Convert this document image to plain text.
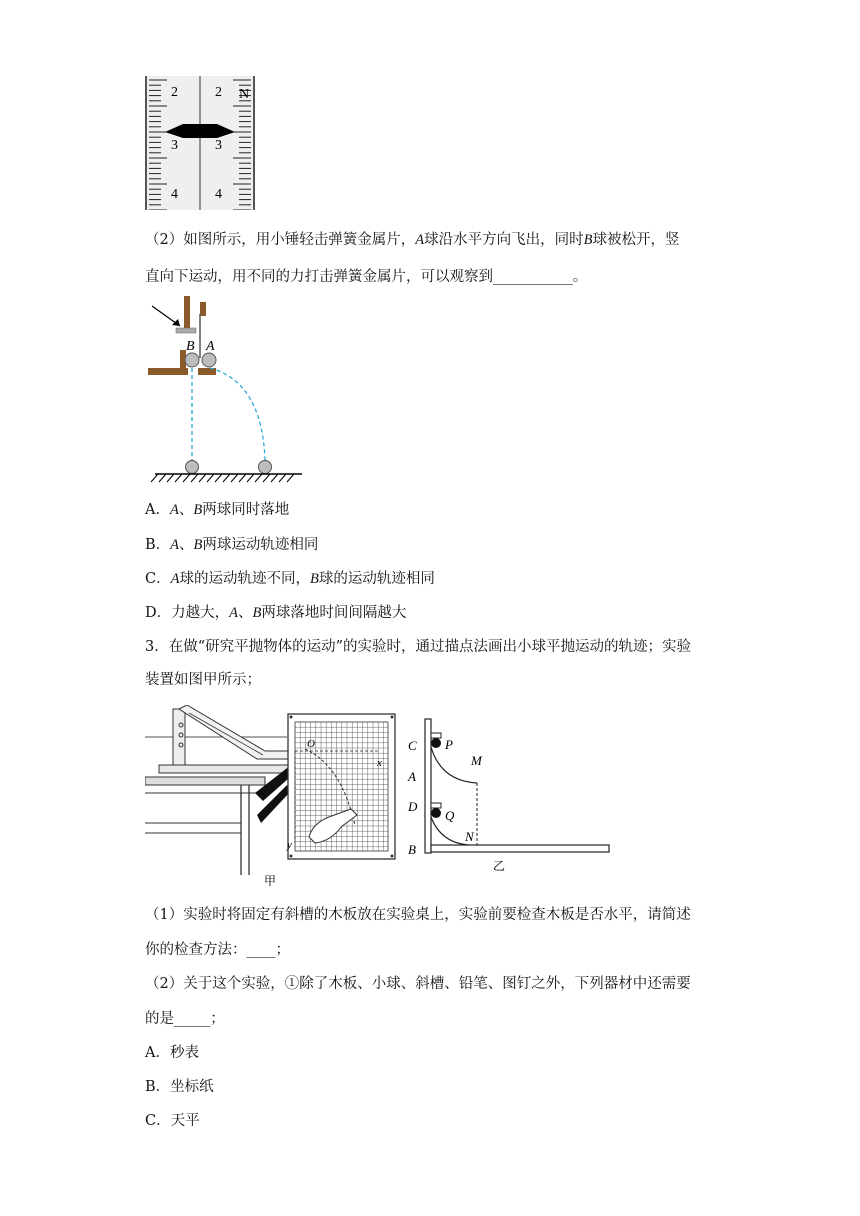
2
3
4
2
3
4
N
（2）如图所示，用小锤轻击弹簧金属片，A球沿水平方向飞出，同时B球被松开，竖
直向下运动，用不同的力打击弹簧金属片，可以观察到___________。
B A
A．A、B两球同时落地
B．A、B两球运动轨迹相同
C．A球的运动轨迹不同，B球的运动轨迹相同
D．力越大，A、B两球落地时间间隔越大
3．在做“研究平抛物体的运动”的实验时，通过描点法画出小球平抛运动的轨迹；实验
装置如图甲所示；
O
x
y
甲
C
A
D
B
P
M
Q
N
乙
（1）实验时将固定有斜槽的木板放在实验桌上，实验前要检查木板是否水平，请简述
你的检查方法：____；
（2）关于这个实验，①除了木板、小球、斜槽、铅笔、图钉之外，下列器材中还需要
的是_____；
A．秒表
B．坐标纸
C．天平
